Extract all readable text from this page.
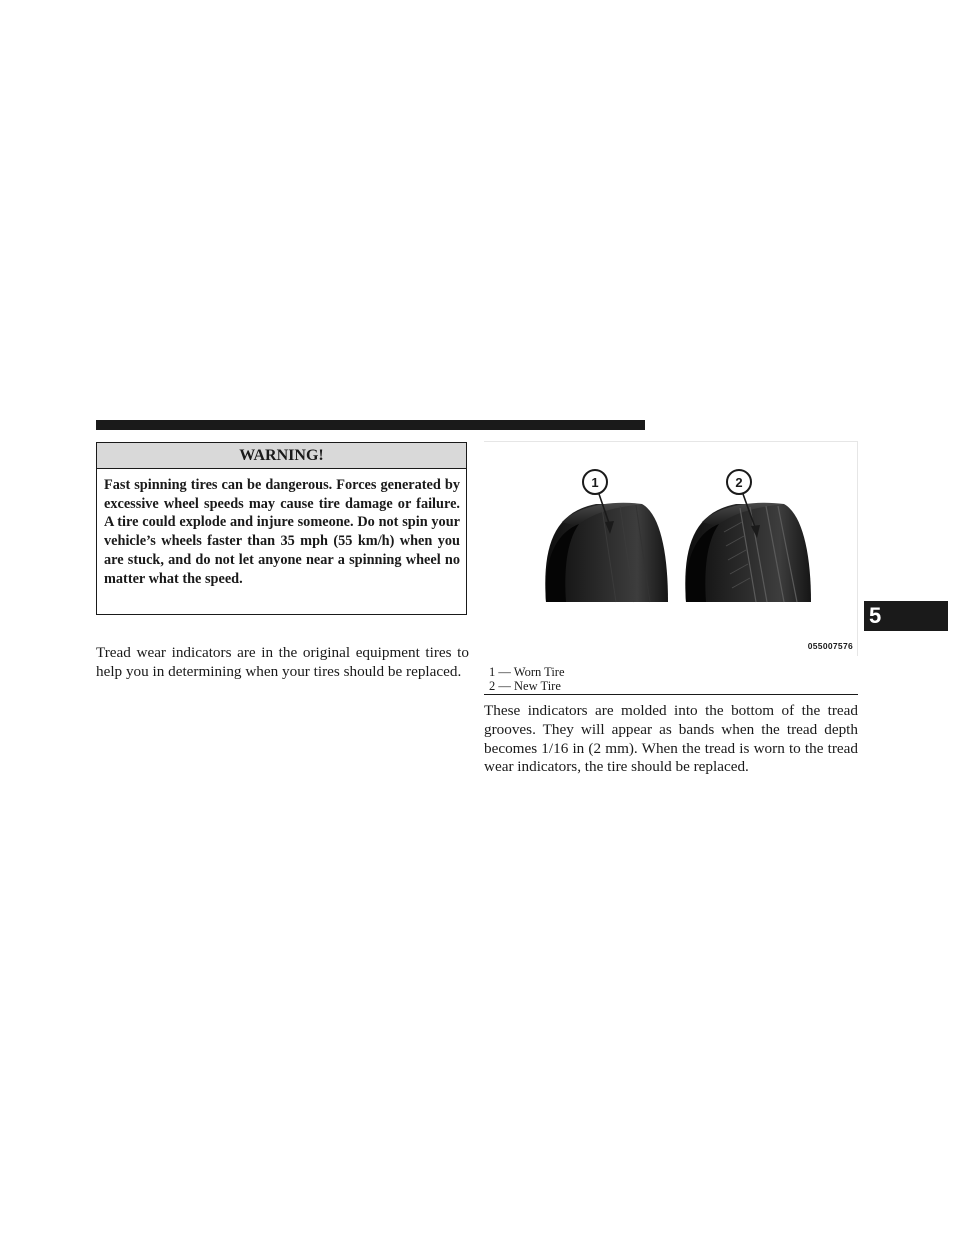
WARNING!
Fast spinning tires can be dangerous. Forces generated by excessive wheel speeds may cause tire damage or failure. A tire could explode and injure someone. Do not spin your vehicle’s wheels faster than 35 mph (55 km/h) when you are stuck, and do not let anyone near a spinning wheel no matter what the speed.
Tread wear indicators are in the original equipment tires to help you in determining when your tires should be replaced.
1	2
055007576
1 — Worn Tire
2 — New Tire
These indicators are molded into the bottom of the tread grooves. They will appear as bands when the tread depth becomes 1/16 in (2 mm). When the tread is worn to the tread wear indicators, the tire should be replaced.
5
